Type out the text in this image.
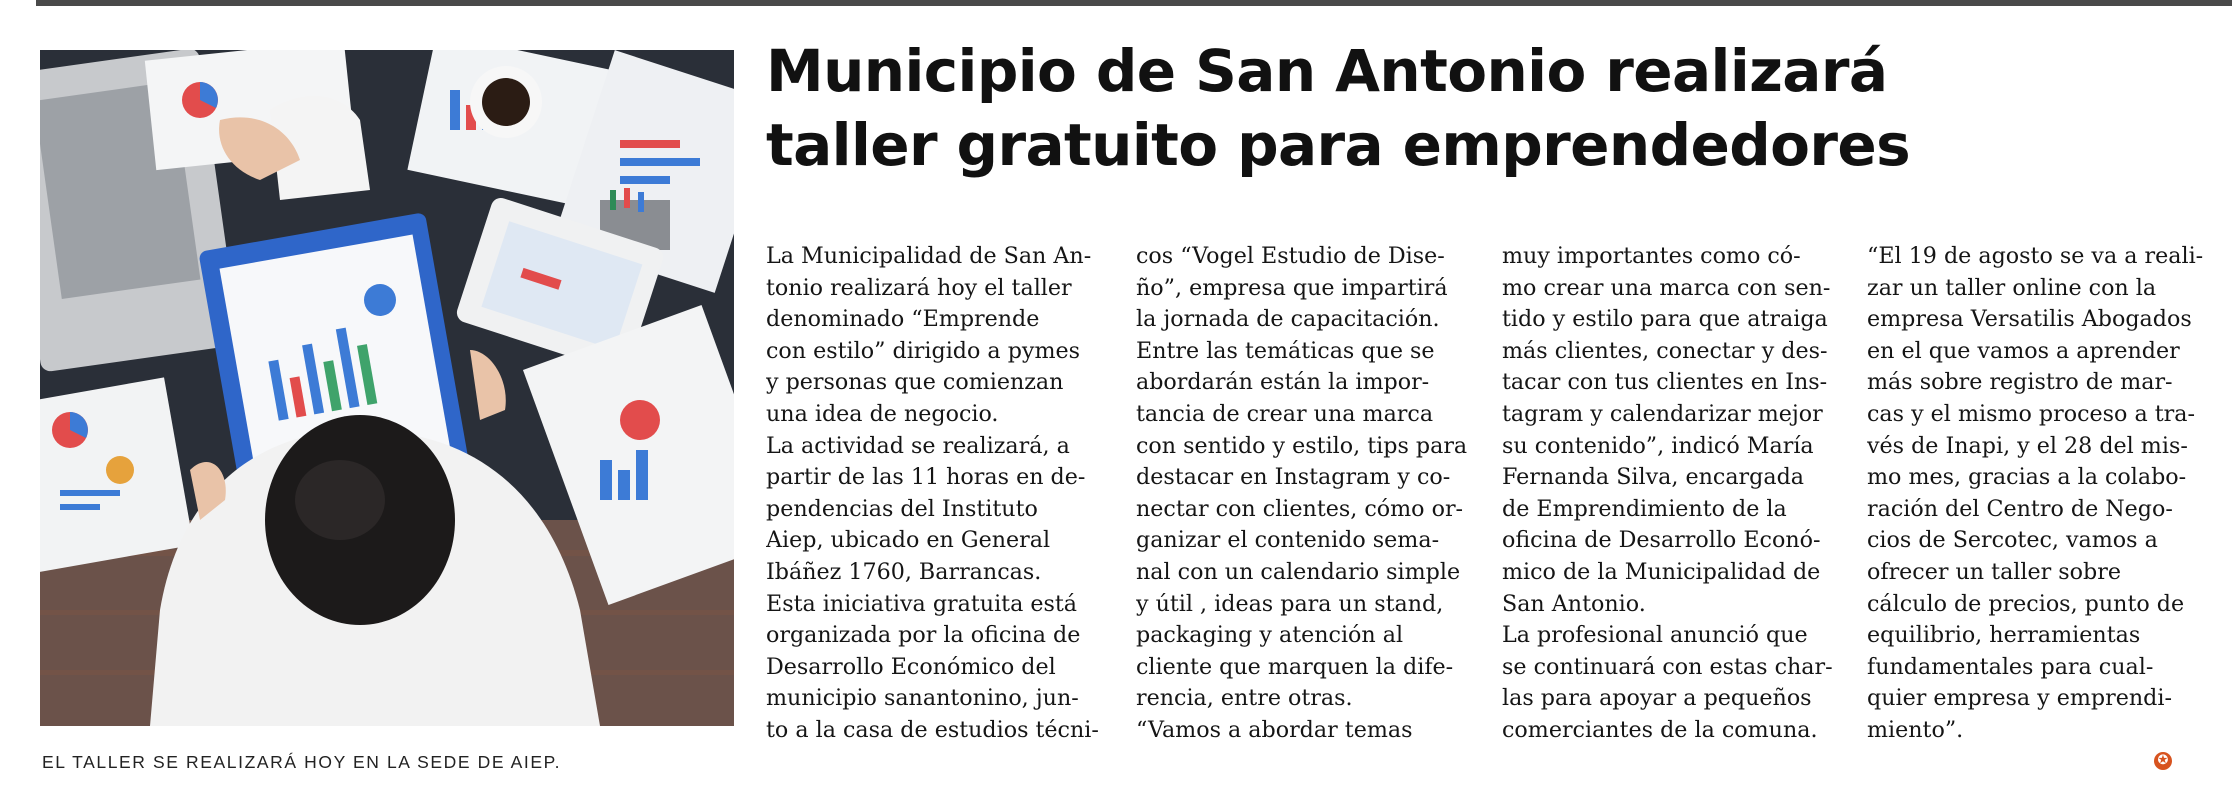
EL TALLER SE REALIZARÁ HOY EN LA SEDE DE AIEP.
Municipio de San Antonio realizará
taller gratuito para emprendedores
La Municipalidad de San An-
tonio realizará hoy el taller
denominado “Emprende
con estilo” dirigido a pymes
y personas que comienzan
una idea de negocio.
La actividad se realizará, a
partir de las 11 horas en de-
pendencias del Instituto
Aiep, ubicado en General
Ibáñez 1760, Barrancas.
Esta iniciativa gratuita está
organizada por la oficina de
Desarrollo Económico del
municipio sanantonino, jun-
to a la casa de estudios técni-
cos “Vogel Estudio de Dise-
ño”, empresa que impartirá
la jornada de capacitación.
Entre las temáticas que se
abordarán están la impor-
tancia de crear una marca
con sentido y estilo, tips para
destacar en Instagram y co-
nectar con clientes, cómo or-
ganizar el contenido sema-
nal con un calendario simple
y útil , ideas para un stand,
packaging y atención al
cliente que marquen la dife-
rencia, entre otras.
“Vamos a abordar temas
muy importantes como có-
mo crear una marca con sen-
tido y estilo para que atraiga
más clientes, conectar y des-
tacar con tus clientes en Ins-
tagram y calendarizar mejor
su contenido”, indicó María
Fernanda Silva, encargada
de Emprendimiento de la
oficina de Desarrollo Econó-
mico de la Municipalidad de
San Antonio.
La profesional anunció que
se continuará con estas char-
las para apoyar a pequeños
comerciantes de la comuna.
“El 19 de agosto se va a reali-
zar un taller online con la
empresa Versatilis Abogados
en el que vamos a aprender
más sobre registro de mar-
cas y el mismo proceso a tra-
vés de Inapi, y el 28 del mis-
mo mes, gracias a la colabo-
ración del Centro de Nego-
cios de Sercotec, vamos a
ofrecer un taller sobre
cálculo de precios, punto de
equilibrio, herramientas
fundamentales para cual-
quier empresa y emprendi-
miento”.
✪
